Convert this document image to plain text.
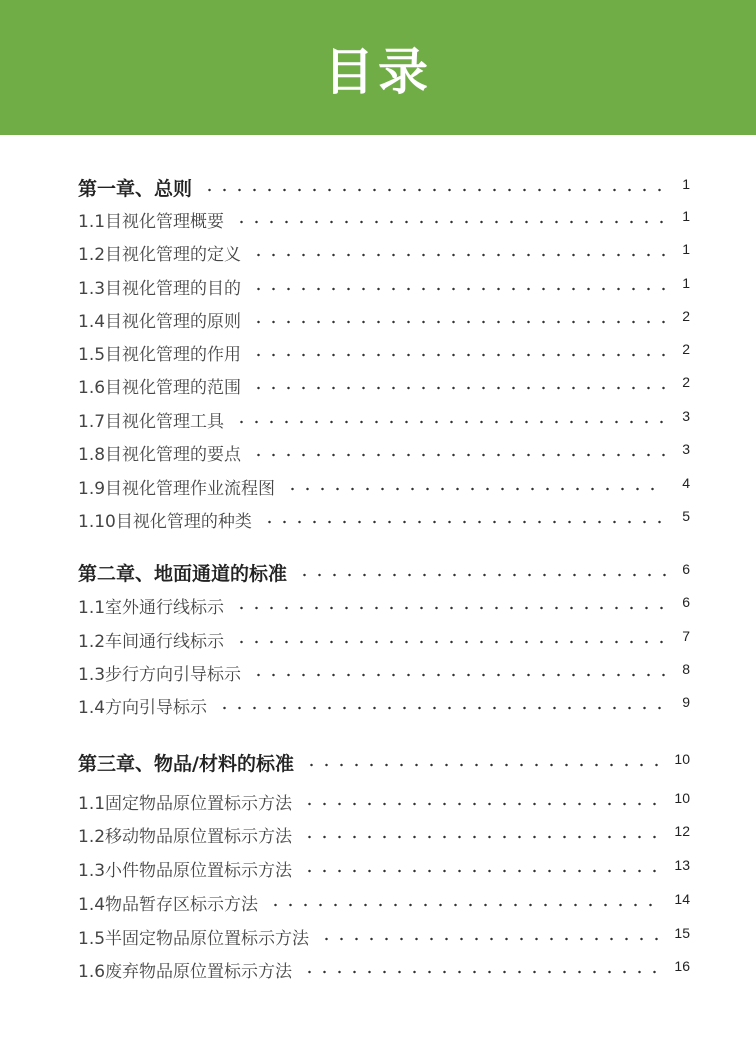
目录
第一章、总则	1
1.1目视化管理概要	1
1.2目视化管理的定义	1
1.3目视化管理的目的	1
1.4目视化管理的原则	2
1.5目视化管理的作用	2
1.6目视化管理的范围	2
1.7目视化管理工具	3
1.8目视化管理的要点	3
1.9目视化管理作业流程图	4
1.10目视化管理的种类	5
第二章、地面通道的标准	6
1.1室外通行线标示	6
1.2车间通行线标示	7
1.3步行方向引导标示	8
1.4方向引导标示	9
第三章、物品/材料的标准	10
1.1固定物品原位置标示方法	10
1.2移动物品原位置标示方法	12
1.3小件物品原位置标示方法	13
1.4物品暂存区标示方法	14
1.5半固定物品原位置标示方法	15
1.6废弃物品原位置标示方法	16
